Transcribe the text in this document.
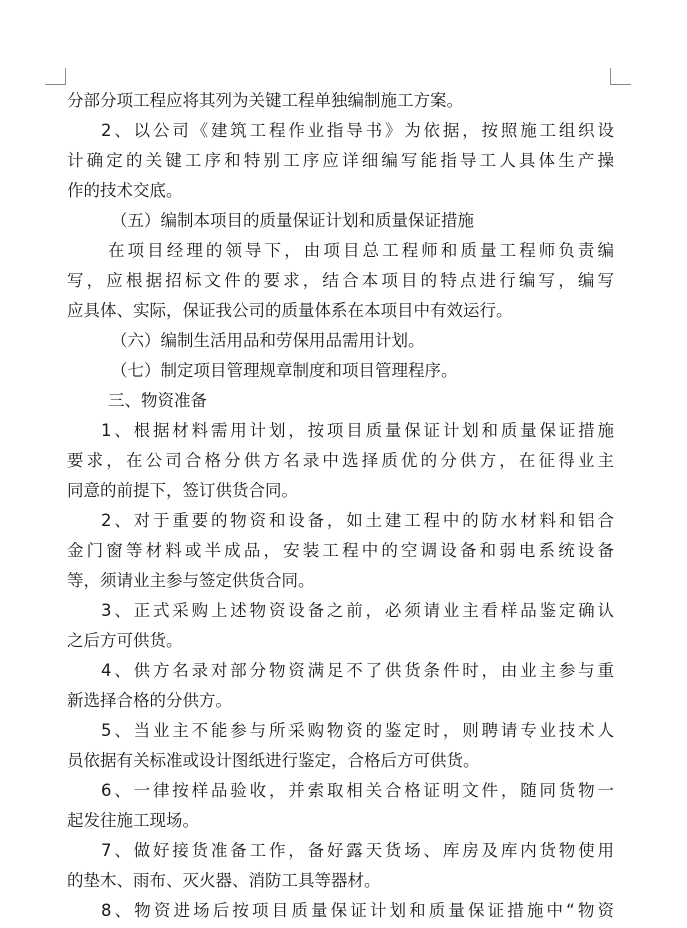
分部分项工程应将其列为关键工程单独编制施工方案。
2、以公司《建筑工程作业指导书》为依据，按照施工组织设
计确定的关键工序和特别工序应详细编写能指导工人具体生产操
作的技术交底。
（五）编制本项目的质量保证计划和质量保证措施
在项目经理的领导下，由项目总工程师和质量工程师负责编
写，应根据招标文件的要求，结合本项目的特点进行编写，编写
应具体、实际，保证我公司的质量体系在本项目中有效运行。
（六）编制生活用品和劳保用品需用计划。
（七）制定项目管理规章制度和项目管理程序。
三、物资准备
1、根据材料需用计划，按项目质量保证计划和质量保证措施
要求，在公司合格分供方名录中选择质优的分供方，在征得业主
同意的前提下，签订供货合同。
2、对于重要的物资和设备，如土建工程中的防水材料和铝合
金门窗等材料或半成品，安装工程中的空调设备和弱电系统设备
等，须请业主参与签定供货合同。
3、正式采购上述物资设备之前，必须请业主看样品鉴定确认
之后方可供货。
4、供方名录对部分物资满足不了供货条件时，由业主参与重
新选择合格的分供方。
5、当业主不能参与所采购物资的鉴定时，则聘请专业技术人
员依据有关标准或设计图纸进行鉴定，合格后方可供货。
6、一律按样品验收，并索取相关合格证明文件，随同货物一
起发往施工现场。
7、做好接货准备工作，备好露天货场、库房及库内货物使用
的垫木、雨布、灭火器、消防工具等器材。
8、物资进场后按项目质量保证计划和质量保证措施中“物资
